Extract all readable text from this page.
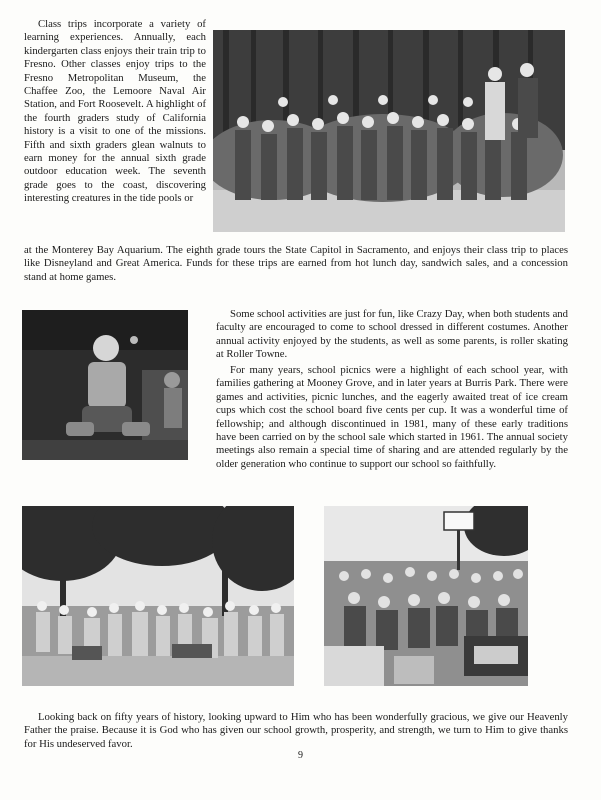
Class trips incorporate a variety of learning experiences. Annually, each kindergarten class enjoys their train trip to Fresno. Other classes enjoy trips to the Fresno Metropolitan Museum, the Chaffee Zoo, the Lemoore Naval Air Station, and Fort Roosevelt. A highlight of the fourth graders study of California history is a visit to one of the missions. Fifth and sixth graders glean walnuts to earn money for the annual sixth grade outdoor education week. The seventh grade goes to the coast, discovering interesting creatures in the tide pools or
at the Monterey Bay Aquarium. The eighth grade tours the State Capitol in Sacramento, and enjoys their class trip to places like Disneyland and Great America. Funds for these trips are earned from hot lunch day, sandwich sales, and a concession stand at home games.
Some school activities are just for fun, like Crazy Day, when both students and faculty are encouraged to come to school dressed in different costumes. Another annual activity enjoyed by the students, as well as some parents, is roller skating at Roller Towne.
For many years, school picnics were a highlight of each school year, with families gathering at Mooney Grove, and in later years at Burris Park. There were games and activities, picnic lunches, and the eagerly awaited treat of ice cream cups which cost the school board five cents per cup. It was a wonderful time of fellowship; and although discontinued in 1981, many of these early traditions have been carried on by the school sale which started in 1961. The annual society meetings also remain a special time of sharing and are attended regularly by the older generation who continue to support our school so faithfully.
Looking back on fifty years of history, looking upward to Him who has been wonderfully gracious, we give our Heavenly Father the praise. Because it is God who has given our school growth, prosperity, and strength, we turn to Him to give thanks for His undeserved favor.
9
